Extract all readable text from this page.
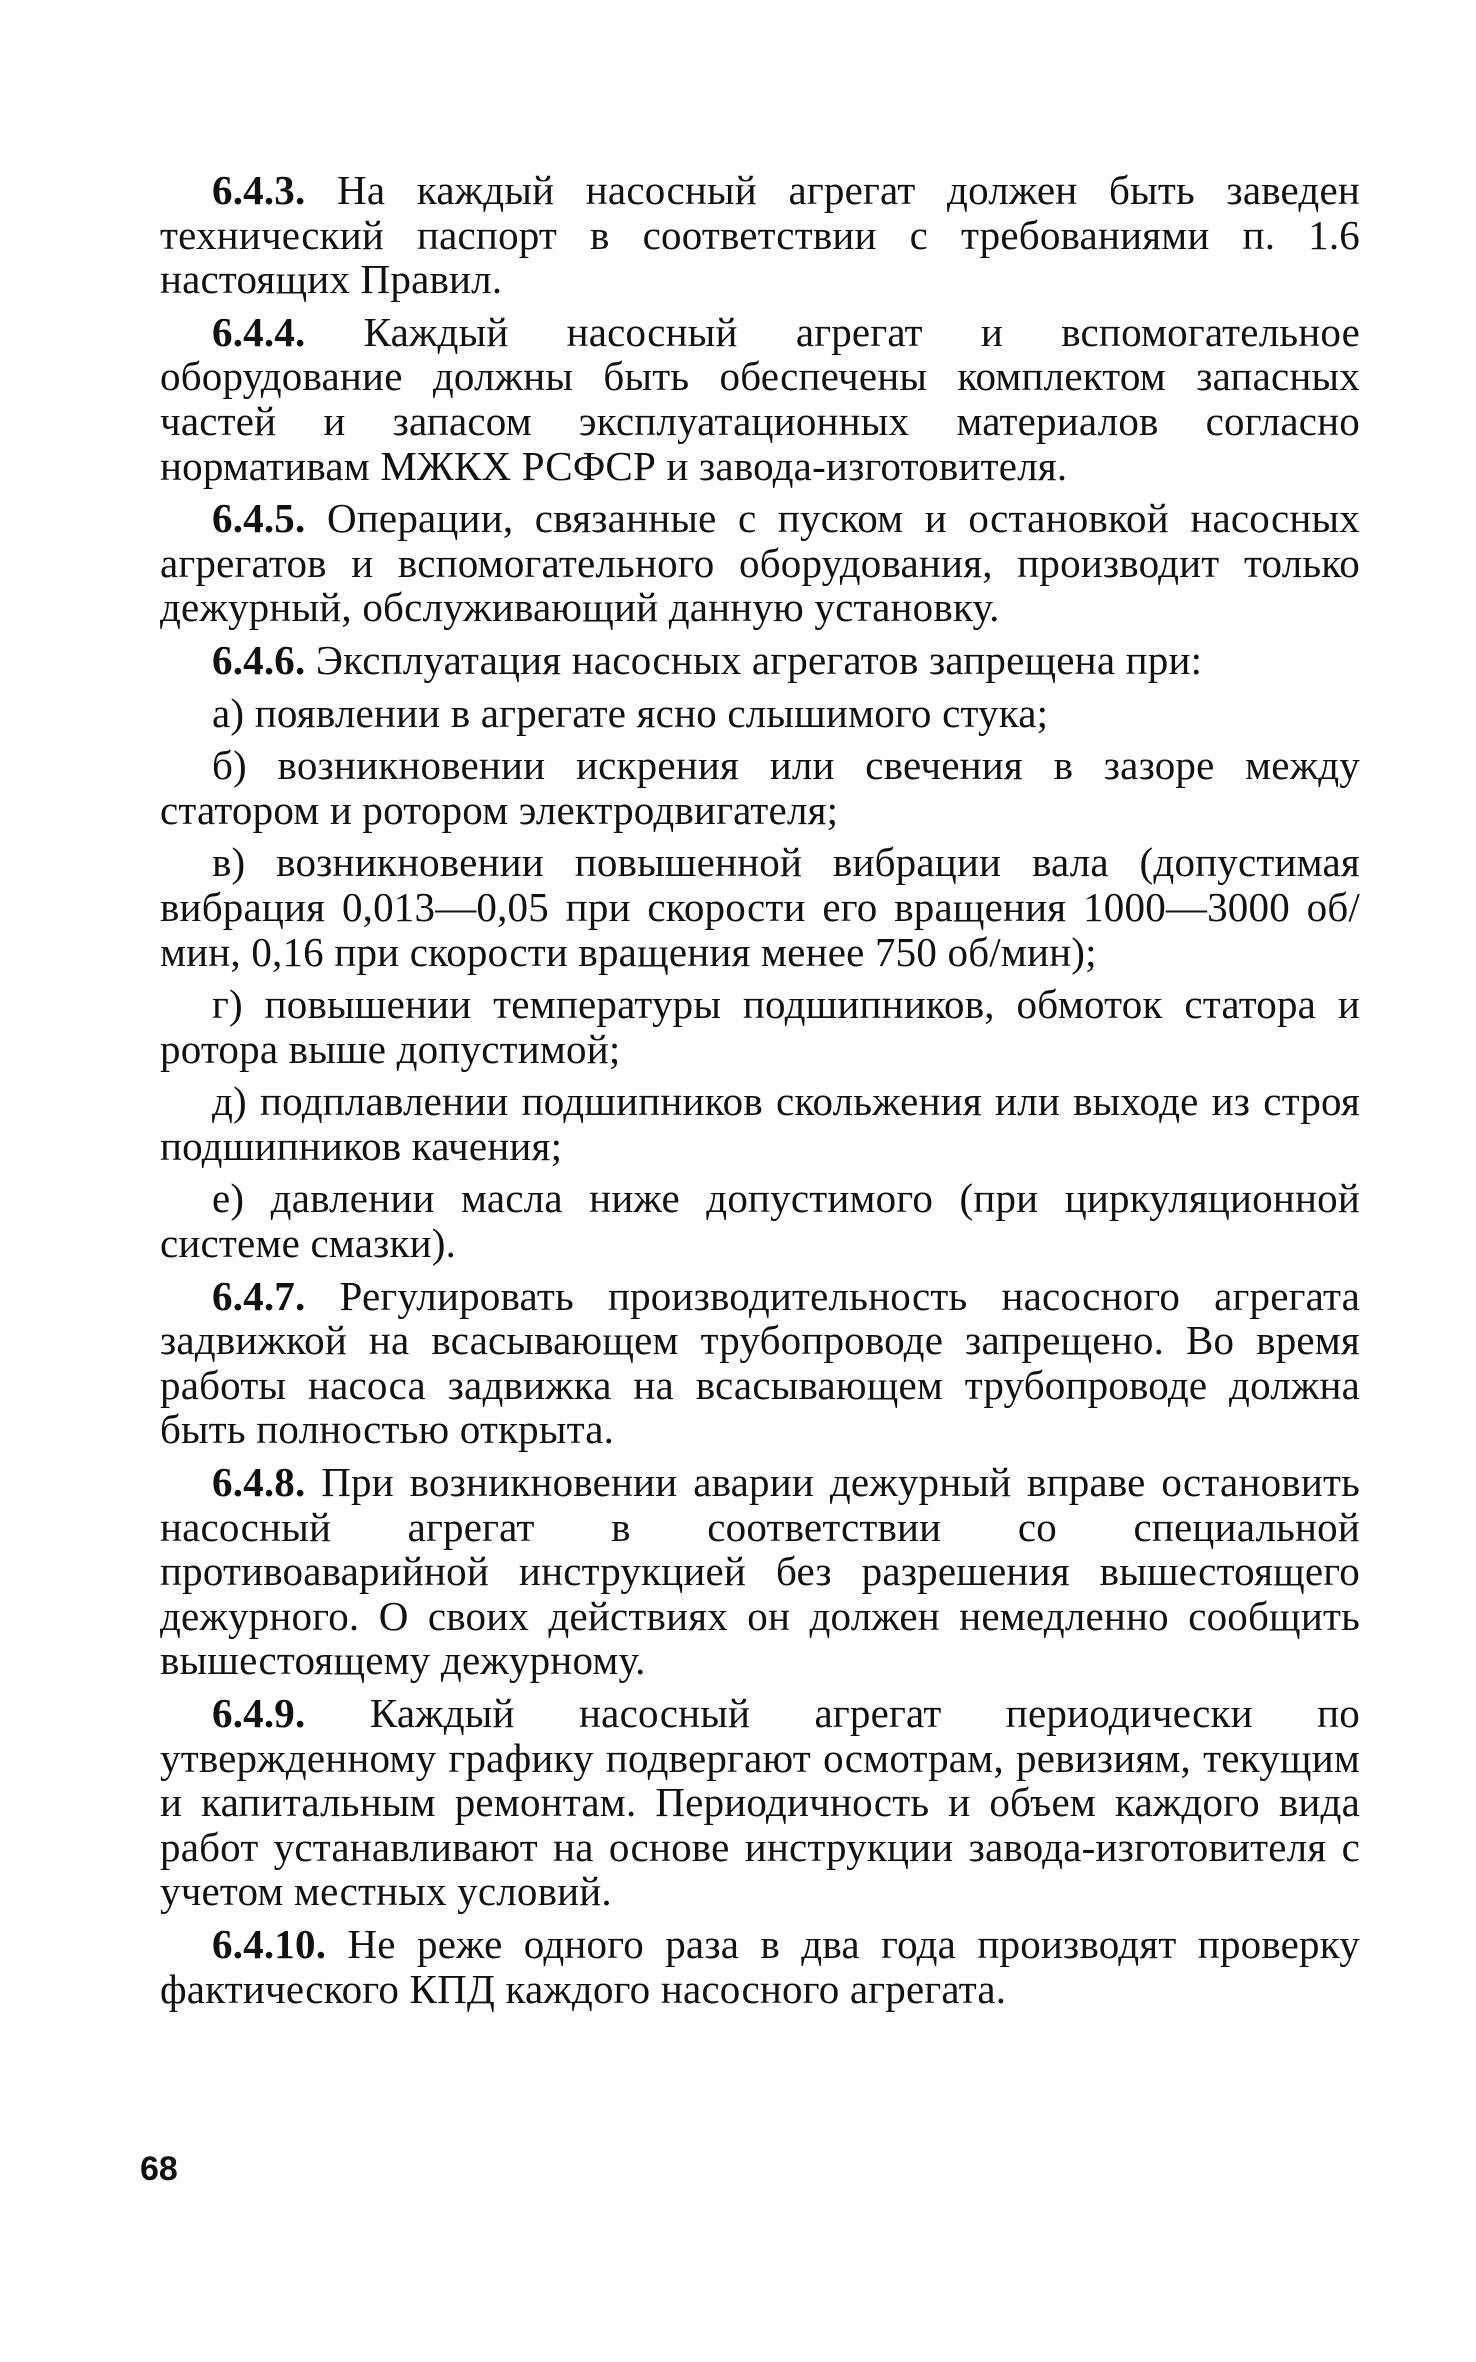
6.4.3. На каждый насосный агрегат должен быть заведен технический паспорт в соответствии с требованиями п. 1.6 настоящих Правил.

6.4.4. Каждый насосный агрегат и вспомогательное оборудование должны быть обеспечены комплектом запасных частей и запасом эксплуатационных материалов согласно нормативам МЖКХ РСФСР и завода-изготовителя.

6.4.5. Операции, связанные с пуском и остановкой насосных агрегатов и вспомогательного оборудования, производит только дежурный, обслуживающий данную установку.

6.4.6. Эксплуатация насосных агрегатов запрещена при:

а) появлении в агрегате ясно слышимого стука;

б) возникновении искрения или свечения в зазоре между статором и ротором электродвигателя;

в) возникновении повышенной вибрации вала (допустимая вибрация 0,013—0,05 при скорости его вращения 1000—3000 об/мин, 0,16 при скорости вращения менее 750 об/мин);

г) повышении температуры подшипников, обмоток статора и ротора выше допустимой;

д) подплавлении подшипников скольжения или выходе из строя подшипников качения;

е) давлении масла ниже допустимого (при циркуляционной системе смазки).

6.4.7. Регулировать производительность насосного агрегата задвижкой на всасывающем трубопроводе запрещено. Во время работы насоса задвижка на всасывающем трубопроводе должна быть полностью открыта.

6.4.8. При возникновении аварии дежурный вправе остановить насосный агрегат в соответствии со специальной противоаварийной инструкцией без разрешения вышестоящего дежурного. О своих действиях он должен немедленно сообщить вышестоящему дежурному.

6.4.9. Каждый насосный агрегат периодически по утвержденному графику подвергают осмотрам, ревизиям, текущим и капитальным ремонтам. Периодичность и объем каждого вида работ устанавливают на основе инструкции завода-изготовителя с учетом местных условий.

6.4.10. Не реже одного раза в два года производят проверку фактического КПД каждого насосного агрегата.

68
